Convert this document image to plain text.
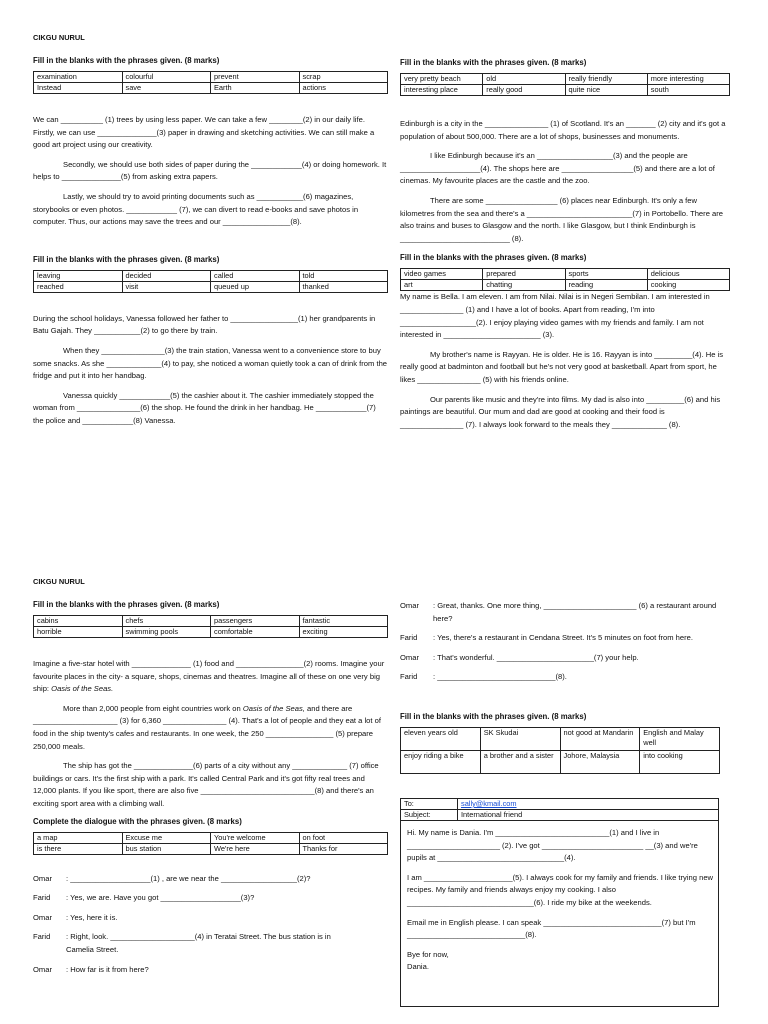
CIKGU NURUL
Fill in the blanks with the phrases given. (8 marks)
examination	colourful	prevent	scrap
Instead	save	Earth	actions

We can __________ (1) trees by using less paper. We can take a few ________(2) in our daily life. Firstly, we can use ______________(3) paper in drawing and sketching activities. We can still make a good art project using our creativity.

Secondly, we should use both sides of paper during the ____________(4) or doing homework. It helps to ______________(5) from asking extra papers.

Lastly, we should try to avoid printing documents such as ___________(6) magazines, storybooks or even photos. ____________ (7), we can divert to read e-books and save photos in computer. Thus, our actions may save the trees and our ________________(8).

Fill in the blanks with the phrases given. (8 marks)
leaving	decided	called	told
reached	visit	queued up	thanked

During the school holidays, Vanessa followed her father to ________________(1) her grandparents in Batu Gajah. They ___________(2) to go there by train.

When they _______________(3) the train station, Vanessa went to a convenience store to buy some snacks. As she _____________(4) to pay, she noticed a woman quietly took a can of drink from the fridge and put it into her handbag.

Vanessa quickly ____________(5) the cashier about it. The cashier immediately stopped the woman from _______________(6) the shop. He found the drink in her handbag. He ____________(7) the police and ____________(8) Vanessa.

Fill in the blanks with the phrases given. (8 marks)
very pretty beach	old	really friendly	more interesting
interesting place	really good	quite nice	south

Edinburgh is a city in the _______________ (1) of Scotland. It's an _______ (2) city and it's got a population of about 500,000. There are a lot of shops, businesses and monuments.

I like Edinburgh because it's an __________________(3) and the people are ___________________(4). The shops here are _________________(5) and there are a lot of cinemas. My favourite places are the castle and the zoo.

There are some _________________ (6) places near Edinburgh. It's only a few kilometres from the sea and there's a _________________________(7) in Portobello. There are also trains and buses to Glasgow and the north. I like Glasgow, but I think Endinburgh is __________________________ (8).

Fill in the blanks with the phrases given. (8 marks)
video games	prepared	sports	delicious
art	chatting	reading	cooking

My name is Bella. I am eleven. I am from Nilai. Nilai is in Negeri Sembilan. I am interested in _______________ (1) and I have a lot of books. Apart from reading, I'm into __________________(2). I enjoy playing video games with my friends and family. I am not interested in _______________________ (3).

My brother's name is Rayyan. He is older. He is 16. Rayyan is into _________(4). He is really good at badminton and football but he's not very good at basketball. Apart from sport, he likes _______________ (5) with his friends online.

Our parents like music and they're into films. My dad is also into _________(6) and his paintings are beautiful. Our mum and dad are good at cooking and their food is _______________ (7). I always look forward to the meals they _____________ (8).

CIKGU NURUL
Fill in the blanks with the phrases given. (8 marks)
cabins	chefs	passengers	fantastic
horrible	swimming pools	comfortable	exciting

Imagine a five-star hotel with ______________ (1) food and ________________(2) rooms. Imagine your favourite places in the city- a square, shops, cinemas and theatres. Imagine all of these on one very big ship: Oasis of the Seas.

More than 2,000 people from eight countries work on Oasis of the Seas, and there are ____________________ (3) for 6,360 _______________ (4). That's a lot of people and they eat a lot of food in the ship twenty's cafes and restaurants. In one week, the 250 ________________ (5) prepare 250,000 meals.

The ship has got the ______________(6) parts of a city without any _____________ (7) office buildings or cars. It's the first ship with a park. It's called Central Park and it's got fifty real trees and 12,000 plants. If you like sport, there are also five ___________________________(8) and there's an exciting sport area with a climbing wall.

Complete the dialogue with the phrases given. (8 marks)
a map	Excuse me	You're welcome	on foot
is there	bus station	We're here	Thanks for
Omar	: ___________________(1) , are we near the __________________(2)?
Farid	: Yes, we are. Have you got ___________________(3)?
Omar	: Yes, here it is.
Farid	: Right, look. ____________________(4) in Teratai Street. The bus station is in Camelia Street.
Omar	: How far is it from here?
Omar	: Great, thanks. One more thing, ______________________ (6) a restaurant around here?
Farid	: Yes, there's a restaurant in Cendana Street. It's 5 minutes on foot from here.
Omar	: That's wonderful. _______________________(7) your help.
Farid	: ____________________________(8).
Fill in the blanks with the phrases given. (8 marks)
eleven years old	SK Skudai	not good at Mandarin	English and Malay well
enjoy riding a bike	a brother and a sister	Johore, Malaysia	into cooking
To:	sally@kmail.com
Subject:	International friend

Hi. My name is Dania. I'm ___________________________(1) and I live in ______________________ (2). I've got ________________________ __(3) and we're pupils at ______________________________(4).

I am _____________________(5). I always cook for my family and friends. I like trying new recipes. My family and friends always enjoy my cooking. I also ______________________________(6). I ride my bike at the weekends.

Email me in English please. I can speak ____________________________(7) but I'm ____________________________(8).

Bye for now,

Dania.
